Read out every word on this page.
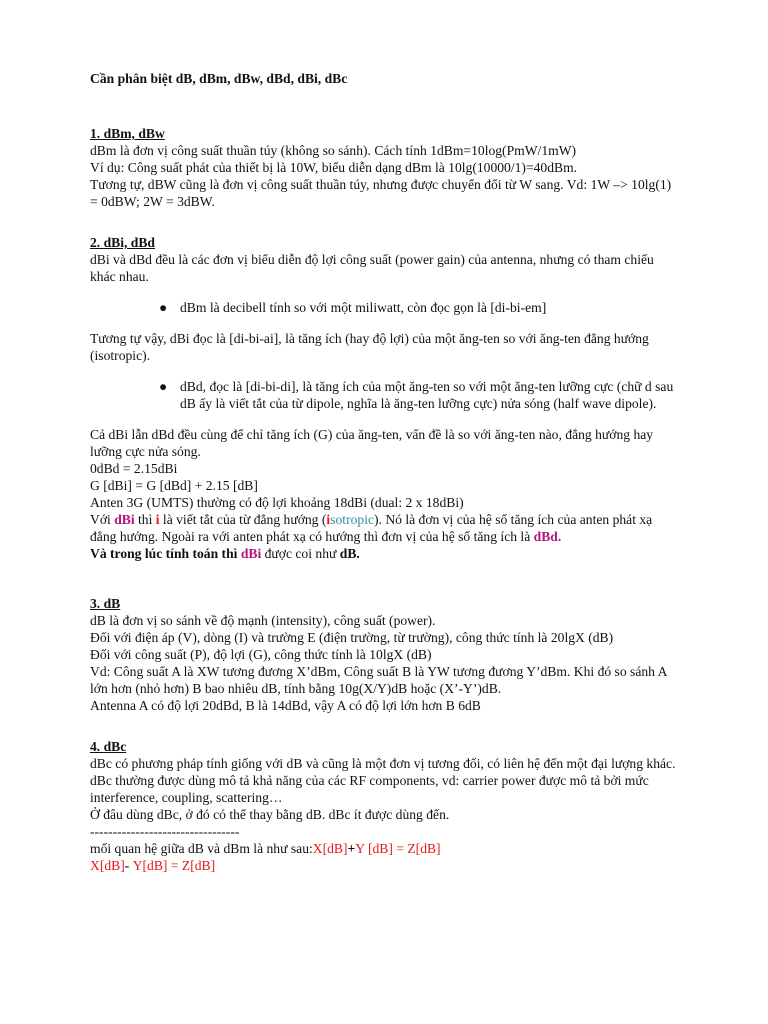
Cần phân biệt dB, dBm, dBw, dBd, dBi, dBc

1. dBm, dBw

dBm là đơn vị công suất thuần túy (không so sánh). Cách tính 1dBm=10log(PmW/1mW)

Ví dụ: Công suất phát của thiết bị là 10W, biểu diễn dạng dBm là 10lg(10000/1)=40dBm.

Tương tự, dBW cũng là đơn vị công suất thuần túy, nhưng được chuyển đổi từ W sang. Vd: 1W –> 10lg(1) = 0dBW; 2W = 3dBW.

2. dBi, dBd

dBi và dBd đều là các đơn vị biểu diễn độ lợi công suất (power gain) của antenna, nhưng có tham chiếu khác nhau.

● dBm là decibell tính so với một miliwatt, còn đọc gọn là [di-bi-em]

Tương tự vậy, dBi đọc là [di-bi-ai], là tăng ích (hay độ lợi) của một ăng-ten so với ăng-ten đẳng hướng (isotropic).

● dBd, đọc là [di-bi-di], là tăng ích của một ăng-ten so với một ăng-ten lưỡng cực (chữ d sau dB ấy là viết tắt của từ dipole, nghĩa là ăng-ten lưỡng cực) nửa sóng (half wave dipole).

Cả dBi lẫn dBd đều cùng để chỉ tăng ích (G) của ăng-ten, vấn đề là so với ăng-ten nào, đẳng hướng hay lưỡng cực nửa sóng.

0dBd = 2.15dBi

G [dBi] = G [dBd] + 2.15 [dB]

Anten 3G (UMTS) thường có độ lợi khoảng 18dBi (dual: 2 x 18dBi)

Với dBi thì i là viết tắt của từ đẳng hướng (isotropic). Nó là đơn vị của hệ số tăng ích của anten phát xạ đẳng hướng. Ngoài ra với anten phát xạ có hướng thì đơn vị của hệ số tăng ích là dBd.

Và trong lúc tính toán thì dBi được coi như dB.

3. dB

dB là đơn vị so sánh về độ mạnh (intensity), công suất (power).

Đối với điện áp (V), dòng (I) và trường E (điện trường, từ trường), công thức tính là 20lgX (dB)

Đối với công suất (P), độ lợi (G), công thức tính là 10lgX (dB)

Vd: Công suất A là XW tương đương X’dBm, Công suất B là YW tương đương Y’dBm. Khi đó so sánh A lớn hơn (nhỏ hơn) B bao nhiêu dB, tính bằng 10g(X/Y)dB hoặc (X’-Y’)dB.

Antenna A có độ lợi 20dBd, B là 14dBd, vậy A có độ lợi lớn hơn B 6dB

4. dBc

dBc có phương pháp tính giống với dB và cũng là một đơn vị tương đối, có liên hệ đến một đại lượng khác. dBc thường được dùng mô tả khả năng của các RF components, vd: carrier power được mô tả bởi mức interference, coupling, scattering…

Ở đâu dùng dBc, ở đó có thể thay bằng dB. dBc ít được dùng đến.

---------------------------------

mối quan hệ giữa dB và dBm là như sau:X[dB]+Y [dB] = Z[dB]

X[dB]- Y[dB] = Z[dB]
